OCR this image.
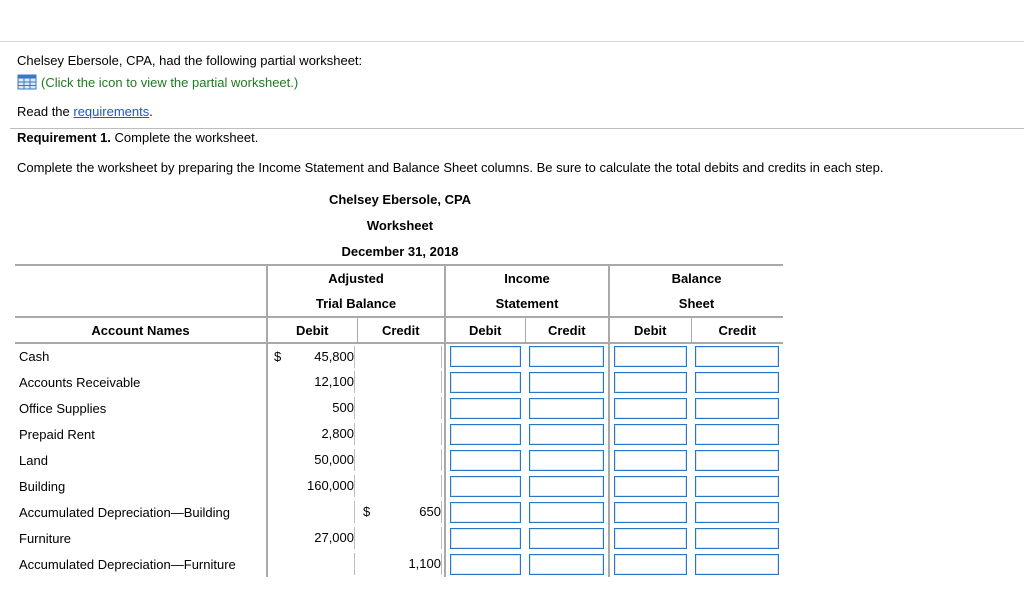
Chelsey Ebersole, CPA, had the following partial worksheet:
(Click the icon to view the partial worksheet.)
Read the requirements.
Requirement 1. Complete the worksheet.
Complete the worksheet by preparing the Income Statement and Balance Sheet columns. Be sure to calculate the total debits and credits in each step.
Chelsey Ebersole, CPA
Worksheet
December 31, 2018
	Adjusted		Income		Balance	
	Trial Balance		Statement		Sheet	
Account Names	Debit	Credit	Debit	Credit	Debit	Credit
Cash	$ 45,800

Accounts Receivable	12,100

Office Supplies	500

Prepaid Rent	2,800

Land	50,000

Building	160,000

Accumulated Depreciation—Building		$ 650

Furniture	27,000

Accumulated Depreciation—Furniture		1,100
